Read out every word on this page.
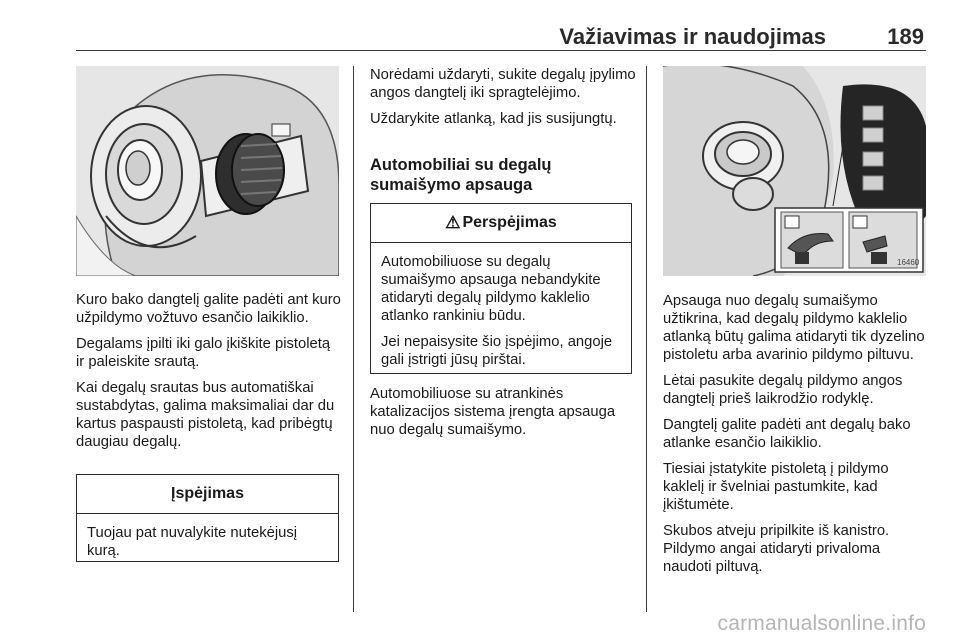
Važiavimas ir naudojimas	189
16460

Kuro bako dangtelį galite padėti ant kuro užpildymo vožtuvo esančio laikiklio.

Degalams įpilti iki galo įkiškite pistoletą ir paleiskite srautą.

Kai degalų srautas bus automatiškai sustabdytas, galima maksimaliai dar du kartus paspausti pistoletą, kad pribėgtų daugiau degalų.

Įspėjimas

Tuojau pat nuvalykite nutekėjusį kurą.

Norėdami uždaryti, sukite degalų įpylimo angos dangtelį iki spragtelėjimo.

Uždarykite atlanką, kad jis susijungtų.

Automobiliai su degalų sumaišymo apsauga
⚠ Perspėjimas

Automobiliuose su degalų sumaišymo apsauga nebandykite atidaryti degalų pildymo kaklelio atlanko rankiniu būdu.

Jei nepaisysite šio įspėjimo, angoje gali įstrigti jūsų pirštai.

Automobiliuose su atrankinės katalizacijos sistema įrengta apsauga nuo degalų sumaišymo.

Apsauga nuo degalų sumaišymo užtikrina, kad degalų pildymo kaklelio atlanką būtų galima atidaryti tik dyzelino pistoletu arba avarinio pildymo piltuvu.

Lėtai pasukite degalų pildymo angos dangtelį prieš laikrodžio rodyklę.

Dangtelį galite padėti ant degalų bako atlanke esančio laikiklio.

Tiesiai įstatykite pistoletą į pildymo kaklelį ir švelniai pastumkite, kad įkištumėte.

Skubos atveju pripilkite iš kanistro. Pildymo angai atidaryti privaloma naudoti piltuvą.

carmanualsonline.info
